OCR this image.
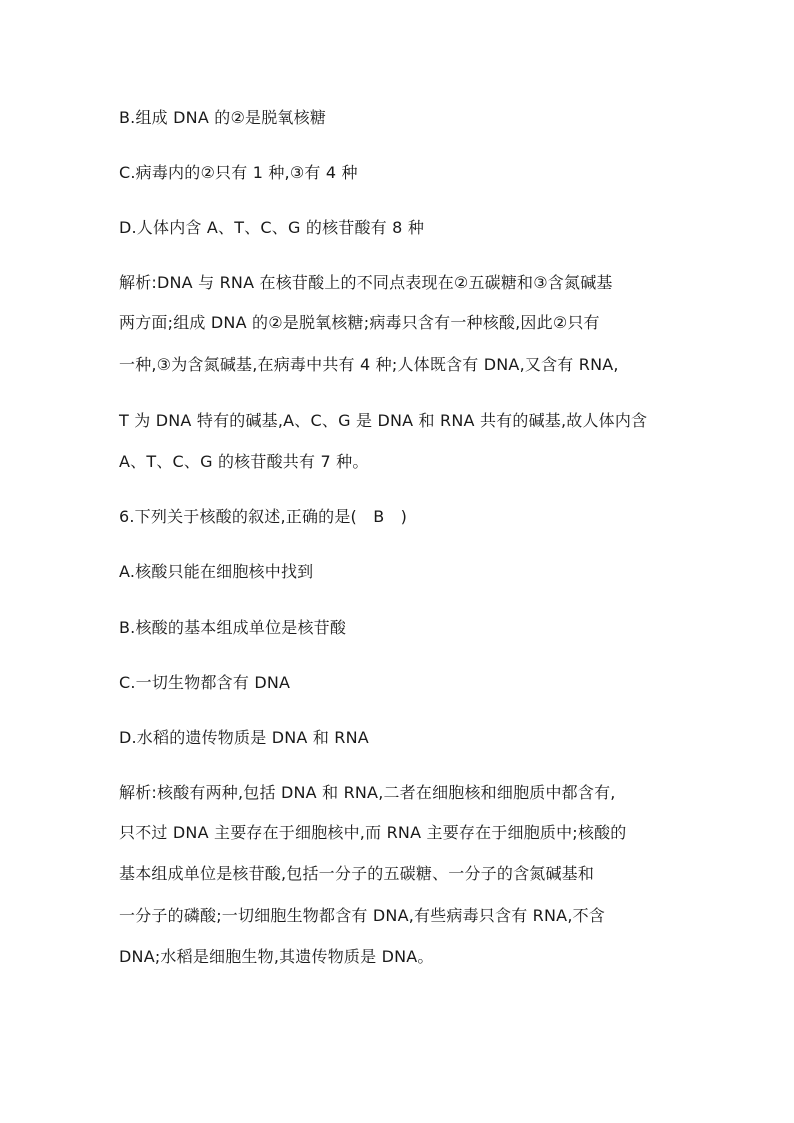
B.组成 DNA 的②是脱氧核糖
C.病毒内的②只有 1 种,③有 4 种
D.人体内含 A、T、C、G 的核苷酸有 8 种
解析:DNA 与 RNA 在核苷酸上的不同点表现在②五碳糖和③含氮碱基
两方面;组成 DNA 的②是脱氧核糖;病毒只含有一种核酸,因此②只有
一种,③为含氮碱基,在病毒中共有 4 种;人体既含有 DNA,又含有 RNA,
T 为 DNA 特有的碱基,A、C、G 是 DNA 和 RNA 共有的碱基,故人体内含
A、T、C、G 的核苷酸共有 7 种。
6.下列关于核酸的叙述,正确的是(　B　)
A.核酸只能在细胞核中找到
B.核酸的基本组成单位是核苷酸
C.一切生物都含有 DNA
D.水稻的遗传物质是 DNA 和 RNA
解析:核酸有两种,包括 DNA 和 RNA,二者在细胞核和细胞质中都含有,
只不过 DNA 主要存在于细胞核中,而 RNA 主要存在于细胞质中;核酸的
基本组成单位是核苷酸,包括一分子的五碳糖、一分子的含氮碱基和
一分子的磷酸;一切细胞生物都含有 DNA,有些病毒只含有 RNA,不含
DNA;水稻是细胞生物,其遗传物质是 DNA。
